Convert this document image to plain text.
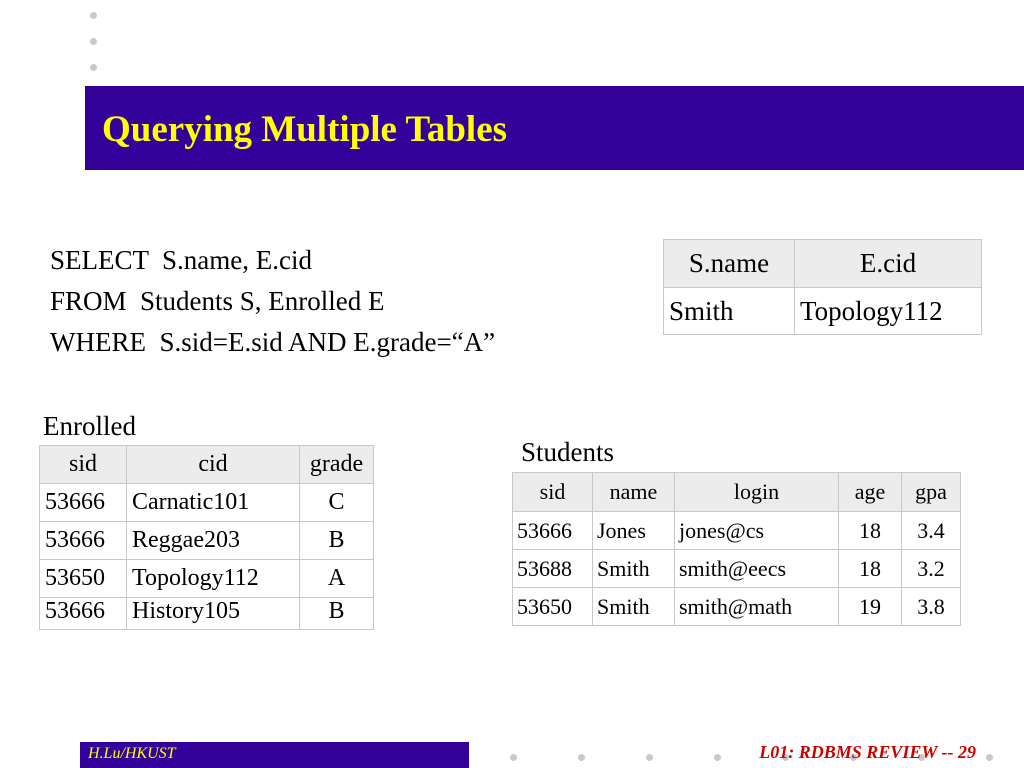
Querying Multiple Tables
SELECT  S.name, E.cid
FROM  Students S, Enrolled E
WHERE  S.sid=E.sid AND E.grade=“A”
S.name	E.cid
Smith	Topology112
Enrolled
sid	cid	grade
53666	Carnatic101	C
53666	Reggae203	B
53650	Topology112	A
53666	History105	B
Students
sid	name	login	age	gpa
53666	Jones	jones@cs	18	3.4
53688	Smith	smith@eecs	18	3.2
53650	Smith	smith@math	19	3.8
H.Lu/HKUST	L01: RDBMS REVIEW -- 29
